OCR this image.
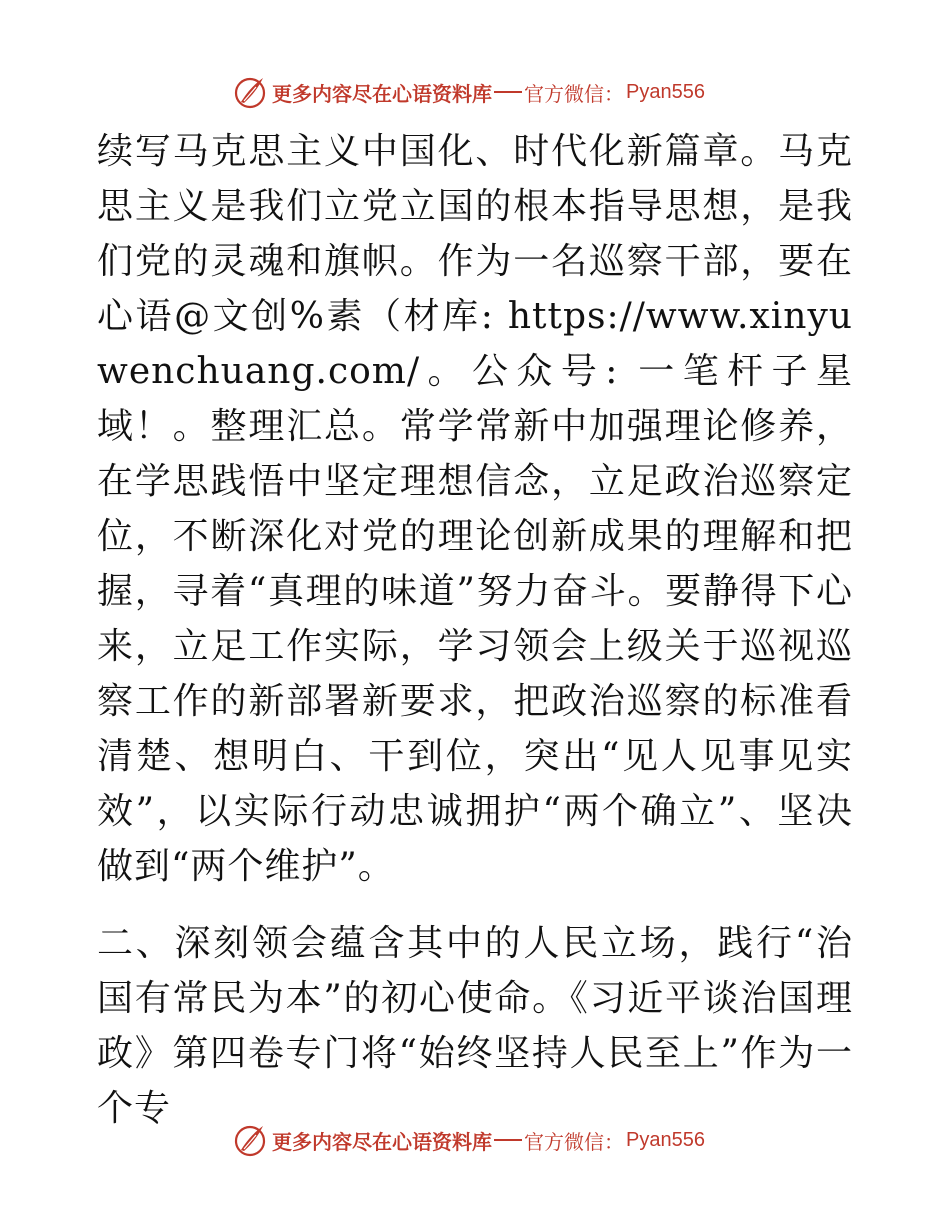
更多内容尽在心语资料库 官方微信： Pyan556

续写马克思主义中国化、时代化新篇章。马克思主义是我们立党立国的根本指导思想，是我们党的灵魂和旗帜。作为一名巡察干部，要在心语@文创%素（材库: https://www.xinyuwenchuang.com/。公众号: 一笔杆子星域！。整理汇总。常学常新中加强理论修养，在学思践悟中坚定理想信念，立足政治巡察定位，不断深化对党的理论创新成果的理解和把握，寻着“真理的味道”努力奋斗。要静得下心来，立足工作实际，学习领会上级关于巡视巡察工作的新部署新要求，把政治巡察的标准看清楚、想明白、干到位，突出“见人见事见实效”，以实际行动忠诚拥护“两个确立”、坚决做到“两个维护”。

二、深刻领会蕴含其中的人民立场，践行“治国有常民为本”的初心使命。《习近平谈治国理政》第四卷专门将“始终坚持人民至上”作为一个专

更多内容尽在心语资料库 官方微信： Pyan556
